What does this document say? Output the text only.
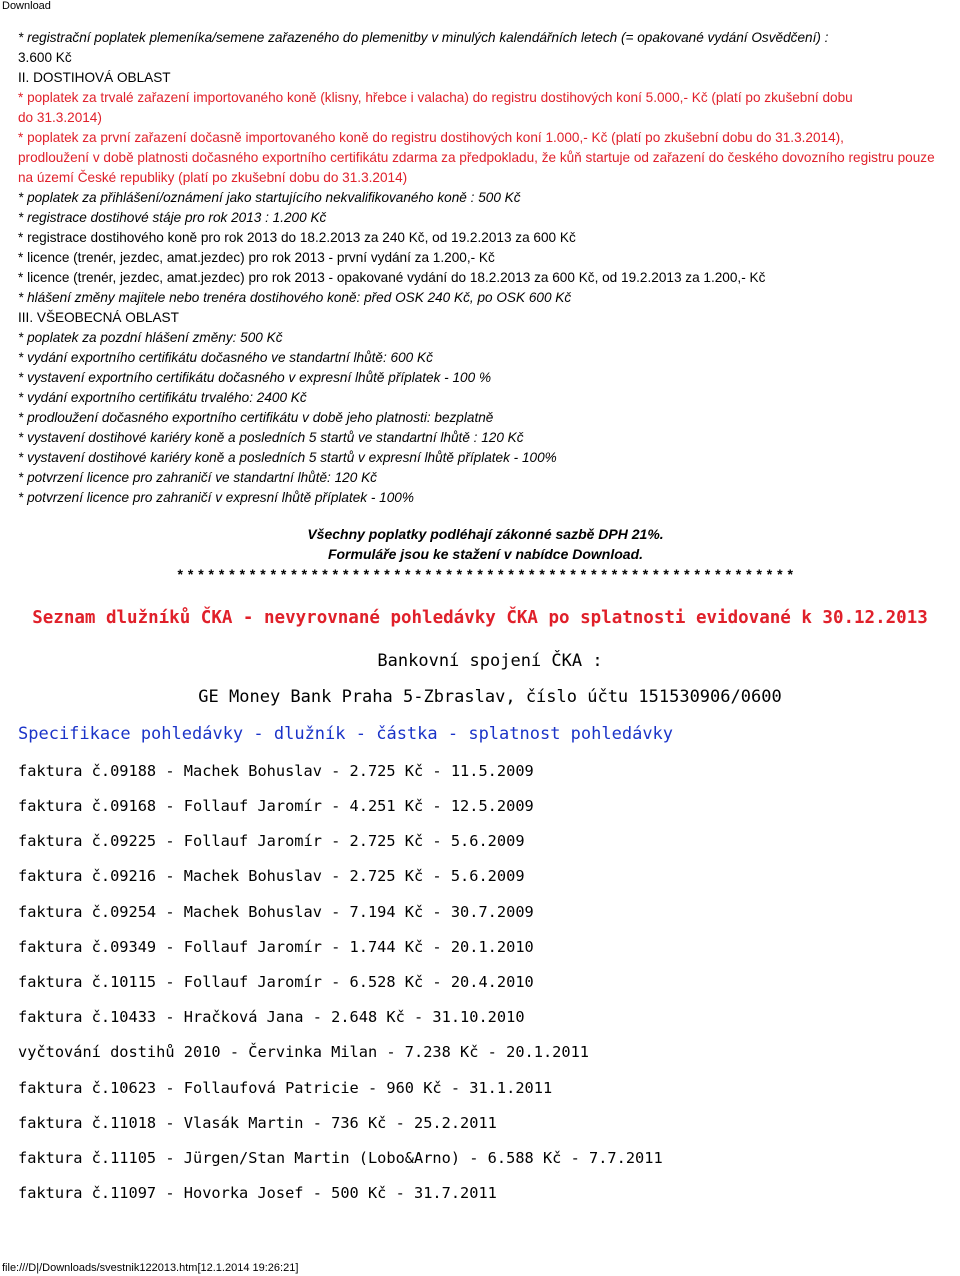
Download
* registrační poplatek plemeníka/semene zařazeného do plemenitby v minulých kalendářních letech (= opakované vydání Osvědčení) :
3.600 Kč
II. DOSTIHOVÁ OBLAST
* poplatek za trvalé zařazení importovaného koně (klisny, hřebce i valacha) do registru dostihových koní 5.000,- Kč (platí po zkušební dobu
do 31.3.2014)
* poplatek za první zařazení dočasně importovaného koně do registru dostihových koní 1.000,- Kč (platí po zkušební dobu do 31.3.2014),
prodloužení v době platnosti dočasného exportního certifikátu zdarma za předpokladu, že kůň startuje od zařazení do českého dovozního registru pouze na území České republiky (platí po zkušební dobu do 31.3.2014)
* poplatek za přihlášení/oznámení jako startujícího nekvalifikovaného koně : 500 Kč
* registrace dostihové stáje pro rok 2013 : 1.200 Kč
* registrace dostihového koně pro rok 2013 do 18.2.2013 za 240 Kč, od 19.2.2013 za 600 Kč
* licence (trenér, jezdec, amat.jezdec) pro rok 2013 - první vydání za 1.200,- Kč
* licence (trenér, jezdec, amat.jezdec) pro rok 2013 - opakované vydání do 18.2.2013 za 600 Kč, od 19.2.2013 za 1.200,- Kč
* hlášení změny majitele nebo trenéra dostihového koně: před OSK 240 Kč, po OSK 600 Kč
III. VŠEOBECNÁ OBLAST
* poplatek za pozdní hlášení změny: 500 Kč
* vydání exportního certifikátu dočasného ve standartní lhůtě: 600 Kč
* vystavení exportního certifikátu dočasného v expresní lhůtě příplatek - 100 %
* vydání exportního certifikátu trvalého: 2400 Kč
* prodloužení dočasného exportního certifikátu v době jeho platnosti: bezplatně
* vystavení dostihové kariéry koně a posledních 5 startů ve standartní lhůtě : 120 Kč
* vystavení dostihové kariéry koně a posledních 5 startů v expresní lhůtě příplatek - 100%
* potvrzení licence pro zahraničí ve standartní lhůtě: 120 Kč
* potvrzení licence pro zahraničí v expresní lhůtě příplatek - 100%
Všechny poplatky podléhají zákonné sazbě DPH 21%.
Formuláře jsou ke stažení v nabídce Download.
* * * * * * * * * * * * * * * * * * * * * * * * * * * * * * * * * * * * * * * * * * * * * * * * * * * * * * * * * * * *
Seznam dlužníků ČKA - nevyrovnané pohledávky ČKA po splatnosti evidované k 30.12.2013
Bankovní spojení ČKA :
GE Money Bank Praha 5-Zbraslav, číslo účtu 151530906/0600
Specifikace pohledávky - dlužník - částka - splatnost pohledávky
faktura č.09188 - Machek Bohuslav - 2.725 Kč - 11.5.2009
faktura č.09168 - Follauf Jaromír - 4.251 Kč - 12.5.2009
faktura č.09225 - Follauf Jaromír - 2.725 Kč - 5.6.2009
faktura č.09216 - Machek Bohuslav - 2.725 Kč - 5.6.2009
faktura č.09254 - Machek Bohuslav - 7.194 Kč - 30.7.2009
faktura č.09349 - Follauf Jaromír - 1.744 Kč - 20.1.2010
faktura č.10115 - Follauf Jaromír - 6.528 Kč - 20.4.2010
faktura č.10433 - Hračková Jana - 2.648 Kč - 31.10.2010
vyčtování dostihů 2010 - Červinka Milan - 7.238 Kč - 20.1.2011
faktura č.10623 - Follaufová Patricie - 960 Kč - 31.1.2011
faktura č.11018 - Vlasák Martin - 736 Kč - 25.2.2011
faktura č.11105 - Jürgen/Stan Martin (Lobo&Arno) - 6.588 Kč - 7.7.2011
faktura č.11097 - Hovorka Josef - 500 Kč - 31.7.2011
file:///D|/Downloads/svestnik122013.htm[12.1.2014 19:26:21]
